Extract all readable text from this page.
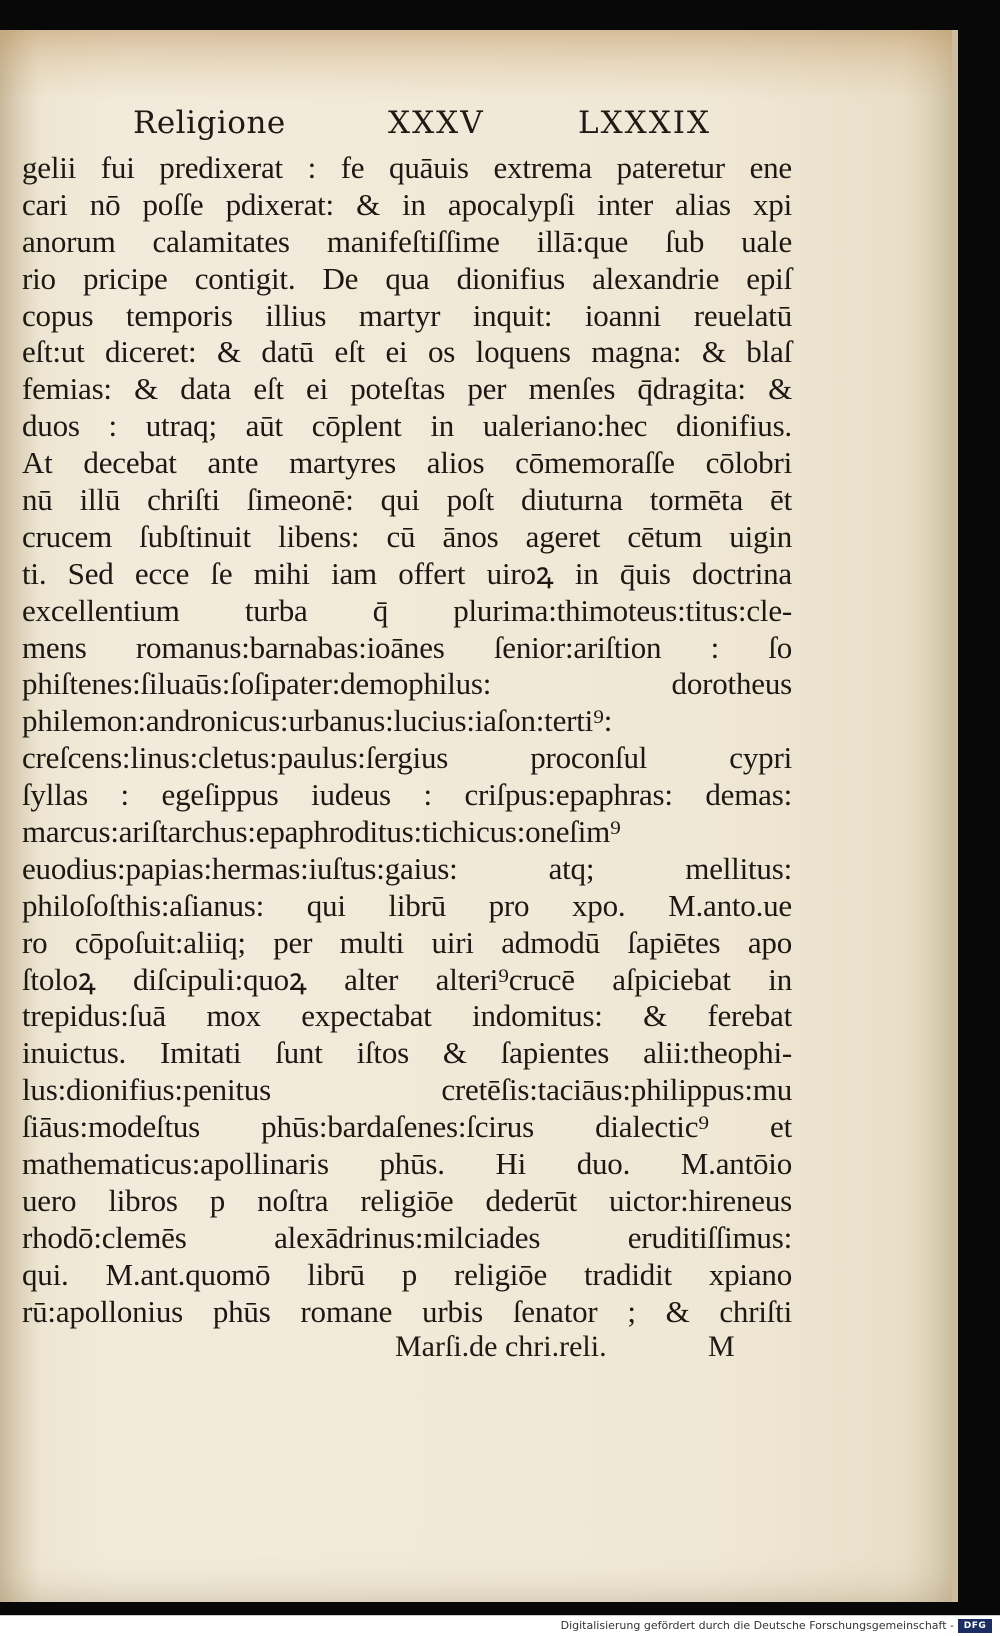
Religione	XXXV	LXXXIX
gelii fui predixerat : fe quāuis extrema pateretur ene
cari nō poſſe pdixerat: & in apocalypſi inter alias xpi
anorum calamitates manifeſtiſſime illā:que ſub uale
rio pricipe contigit. De qua dionifius alexandrie epiſ
copus temporis illius martyr inquit: ioanni reuelatū
eſt:ut diceret: & datū eſt ei os loquens magna: & blaſ
femias: & data eſt ei poteſtas per menſes q̄dragita: &
duos : utraq; aūt cōplent in ualeriano:hec dionifius.
At decebat ante martyres alios cōmemoraſſe cōlobri
nū illū chriſti ſimeonē: qui poſt diuturna tormēta ēt
crucem ſubſtinuit libens: cū ānos ageret cētum uigin
ti. Sed ecce ſe mihi iam offert uiroꝝ in q̄uis doctrina
excellentium turba q̄ plurima:thimoteus:titus:cle-
mens romanus:barnabas:ioānes ſenior:ariſtion : ſo
phiſtenes:ſiluaūs:ſoſipater:demophilus: dorotheus
philemon:andronicus:urbanus:lucius:iaſon:terti⁹:
creſcens:linus:cletus:paulus:ſergius proconſul cypri
ſyllas : egeſippus iudeus : criſpus:epaphras: demas:
marcus:ariſtarchus:epaphroditus:tichicus:oneſim⁹
euodius:papias:hermas:iuſtus:gaius: atq; mellitus:
philoſoſthis:aſianus: qui librū pro xpo. M.anto.ue
ro cōpoſuit:aliiq; per multi uiri admodū ſapiētes apo
ſtoloꝝ diſcipuli:quoꝝ alter alteri⁹crucē aſpiciebat in
trepidus:ſuā mox expectabat indomitus: & ferebat
inuictus. Imitati ſunt iſtos & ſapientes alii:theophi-
lus:dionifius:penitus cretēſis:taciāus:philippus:mu
ſiāus:modeſtus phūs:bardaſenes:ſcirus dialectic⁹ et
mathematicus:apollinaris phūs. Hi duo. M.antōio
uero libros p noſtra religiōe dederūt uictor:hireneus
rhodō:clemēs alexādrinus:milciades eruditiſſimus:
qui. M.ant.quomō librū p religiōe tradidit xpiano
rū:apollonius phūs romane urbis ſenator ; & chriſti
Marſi.de chri.reli.	M
Digitalisierung gefördert durch die Deutsche Forschungsgemeinschaft -	DFG
